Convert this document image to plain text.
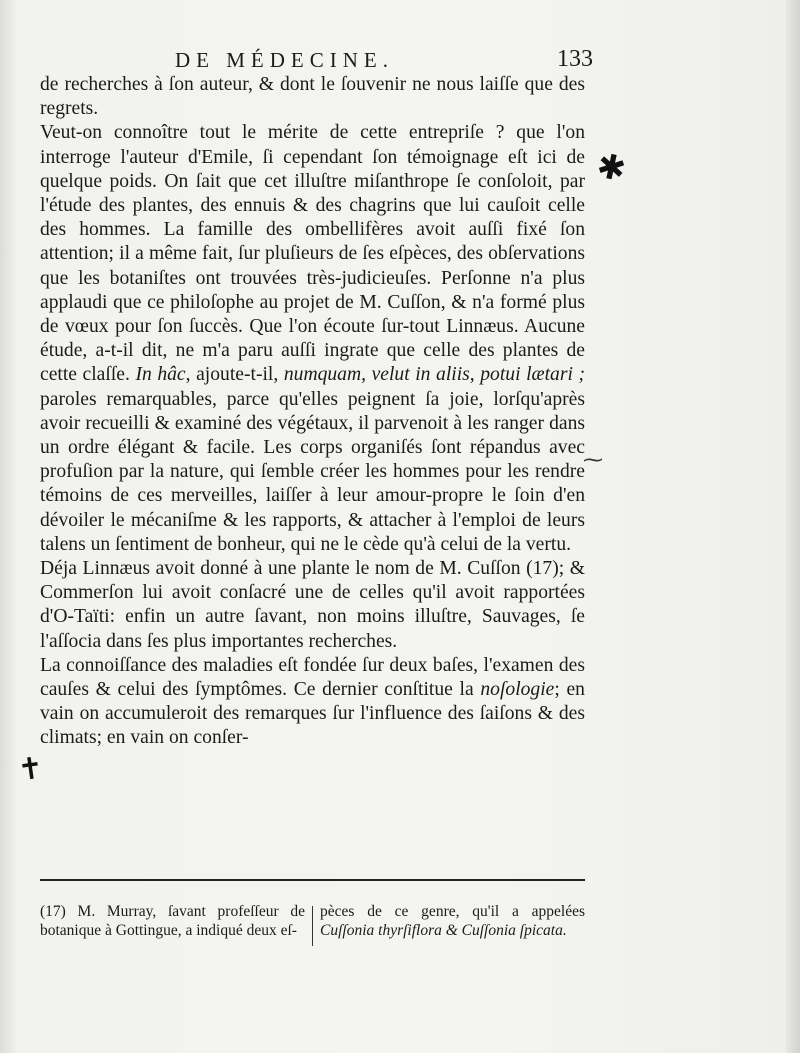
DE MÉDECINE.	133

de recherches à ſon auteur, & dont le ſouvenir ne nous laiſſe que des regrets.

Veut-on connoître tout le mérite de cette entrepriſe ? que l'on interroge l'auteur d'Emile, ſi cependant ſon témoignage eſt ici de quelque poids. On ſait que cet illuſtre miſanthrope ſe conſoloit, par l'étude des plantes, des ennuis & des chagrins que lui cauſoit celle des hommes. La famille des ombellifères avoit auſſi fixé ſon attention; il a même fait, ſur pluſieurs de ſes eſpèces, des obſervations que les botaniſtes ont trouvées très-judicieuſes. Perſonne n'a plus applaudi que ce philoſophe au projet de M. Cuſſon, & n'a formé plus de vœux pour ſon ſuccès. Que l'on écoute ſur-tout Linnæus. Aucune étude, a-t-il dit, ne m'a paru auſſi ingrate que celle des plantes de cette claſſe. In hâc, ajoute-t-il, numquam, velut in aliis, potui lætari ; paroles remarquables, parce qu'elles peignent ſa joie, lorſqu'après avoir recueilli & examiné des végétaux, il parvenoit à les ranger dans un ordre élégant & facile. Les corps organiſés ſont répandus avec profuſion par la nature, qui ſemble créer les hommes pour les rendre témoins de ces merveilles, laiſſer à leur amour-propre le ſoin d'en dévoiler le mécaniſme & les rapports, & attacher à l'emploi de leurs talens un ſentiment de bonheur, qui ne le cède qu'à celui de la vertu.

Déja Linnæus avoit donné à une plante le nom de M. Cuſſon (17); & Commerſon lui avoit conſacré une de celles qu'il avoit rapportées d'O-Taïti: enfin un autre ſavant, non moins illuſtre, Sauvages, ſe l'aſſocia dans ſes plus importantes recherches.

La connoiſſance des maladies eſt fondée ſur deux baſes, l'examen des cauſes & celui des ſymptômes. Ce dernier conſtitue la noſologie; en vain on accumuleroit des remarques ſur l'influence des ſaiſons & des climats; en vain on conſer-

(17) M. Murray, ſavant profeſſeur de botanique à Gottingue, a indiqué deux eſ-
pèces de ce genre, qu'il a appelées Cuſſonia thyrſiflora & Cuſſonia ſpicata.
✱
✝
⁓
